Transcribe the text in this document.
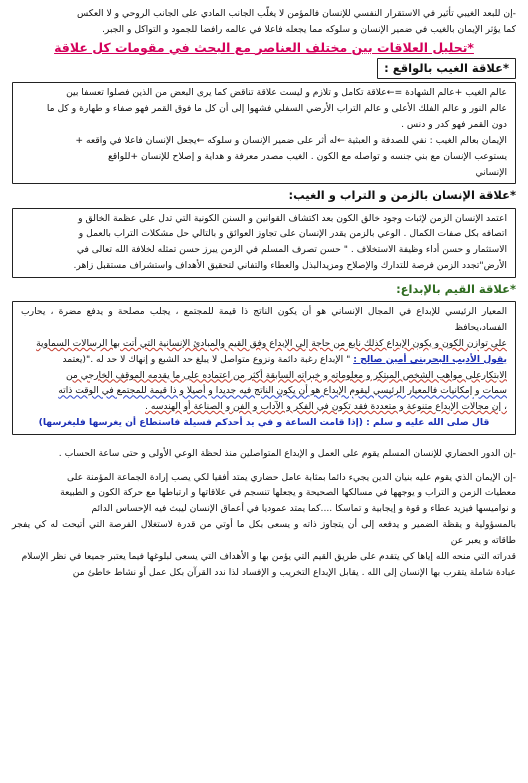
-إن للبعد الغيبي تأثير في الاستقرار النفسي للإنسان فالمؤمن لا يغلّب الجانب المادي على الجانب الروحي و لا العكس

كما يؤثر الإيمان بالغيب في ضمير الإنسان و سلوكه مما يجعله فاعلا في عالمه رافضا للجمود و التواكل و الجبر.

*تحليل العلاقات بين مختلف العناصر مع البحث في مقومات كل علاقة
*علاقة الغيب بالواقع :

عالم الغيب +عالم الشهادة =←علاقة تكامل و تلازم و ليست علاقة تناقض كما يرى البعض من الذين فصلوا تعسفا بين

عالم النور و عالم الفلك الأعلى و عالم التراب الأرضي السفلي فشهوا إلى أن كل ما فوق القمر فهو صفاء و طهارة و كل ما

دون القمر فهو كدر و دنس .

الإيمان بعالم الغيب : نفي للصدفة و العبثية ←له أثر على ضمير الإنسان و سلوكه ←يجعل الإنسان فاعلا في واقعه +

يستوعب الإنسان مع بني جنسه و تواصله مع الكون . الغيب مصدر معرفة و هداية و إصلاح للإنسان +للواقع

الإنساني

*علاقة الإنسان بالزمن و التراب و الغيب:

اعتمد الإنسان الزمن لإثبات وجود خالق الكون بعد اكتشاف القوانين و السنن الكونية التي تدل على عظمة الخالق و

اتصافه بكل صفات الكمال . الوعي بالزمن يقدر الإنسان على تجاوز العوائق و بالتالي حل مشكلات التراب بالعمل و

الاستثمار و حسن أداء وظيفة الاستخلاف . " حسن تصرف المسلم في الزمن يبرز حسن تمثله لخلافة الله تعالى في

الأرض"تجدد الزمن فرصة للتدارك والإصلاح ومزيدالبذل والعطاء والتفاني لتحقيق الأهداف واستشراف مستقبل زاهر.

*علاقة القيم بالإبداع:

المعيار الرئيسي للإبداع في المجال الإنساني هو أن يكون الناتج ذا قيمة للمجتمع ، يجلب مصلحة و يدفع مضرة ، يحارب الفساد،يحافظ

على توازن الكون و يكون الإبداع كذلك نابع من حاجة إلى الإبداع وفق القيم والمبادئ الإنسانية التي أتت بها الرسالات السماوية

يقول الأديب البحريني أمين صالح : " الإبداع رغبة دائمة ونزوع متواصل لا يبلغ حد الشبع و إنهاك لا حد له ."(يعتمد

الابتكارعلى مواهب الشخص المبتكر و معلوماته و خبراته السابقة أكثر من اعتماده على ما يقدمه الموقف الخارجي من

سمات و إمكانيات فالمعيار الرئيسي ليقوم الإبداع هو أن يكون الناتج فيه جديدا و أصيلا و ذا قيمة للمجتمع في الوقت ذاته

، إن مجالات الإبداع متنوعة و متعددة فقد تكون في الفكر و الآداب و الفن و الصناعة أو الهندسه .

قال صلى الله عليه و سلم : (إذا قامت الساعة و في يد أحدكم فسيلة فاستطاع أن يغرسها فليغرسها)

-إن الدور الحضاري للإنسان المسلم يقوم على العمل و الإبداع المتواصلين منذ لحظة الوعي الأولى و حتى ساعة الحساب .

-إن الإيمان الذي يقوم عليه بنيان الدين يجيء دائما بمثابة عامل حضاري يمتد أفقيا لكي يصب إرادة الجماعة المؤمنة على

معطيات الزمن و التراب و يوجهها في مسالكها الصحيحة و يجعلها تنسجم في علاقاتها و ارتباطها مع حركة الكون و الطبيعة

و نواميسها فيزيد عطاء و قوة و إيجابية و تماسكا ....كما يمتد عموديا في أعماق الإنسان ليبث فيه الإحساس الدائم

بالمسؤولية و يقظة الضمير و يدفعه إلى أن يتجاوز ذاته و يسعى بكل ما أوتي من قدرة لاستغلال الفرصة التي أتيحت له كي يفجر طاقاته و يعبر عن

قدراته التي منحه الله إياها كي يتقدم على طريق القيم التي يؤمن بها و الأهداف التي يسعى لبلوغها فيما يعتبر جميعا في نظر الإسلام

عبادة شاملة يتقرب بها الإنسان إلى الله . يقابل الإبداع التخريب و الإفساد لذا ندد القرآن بكل عمل أو نشاط خاطئ من
